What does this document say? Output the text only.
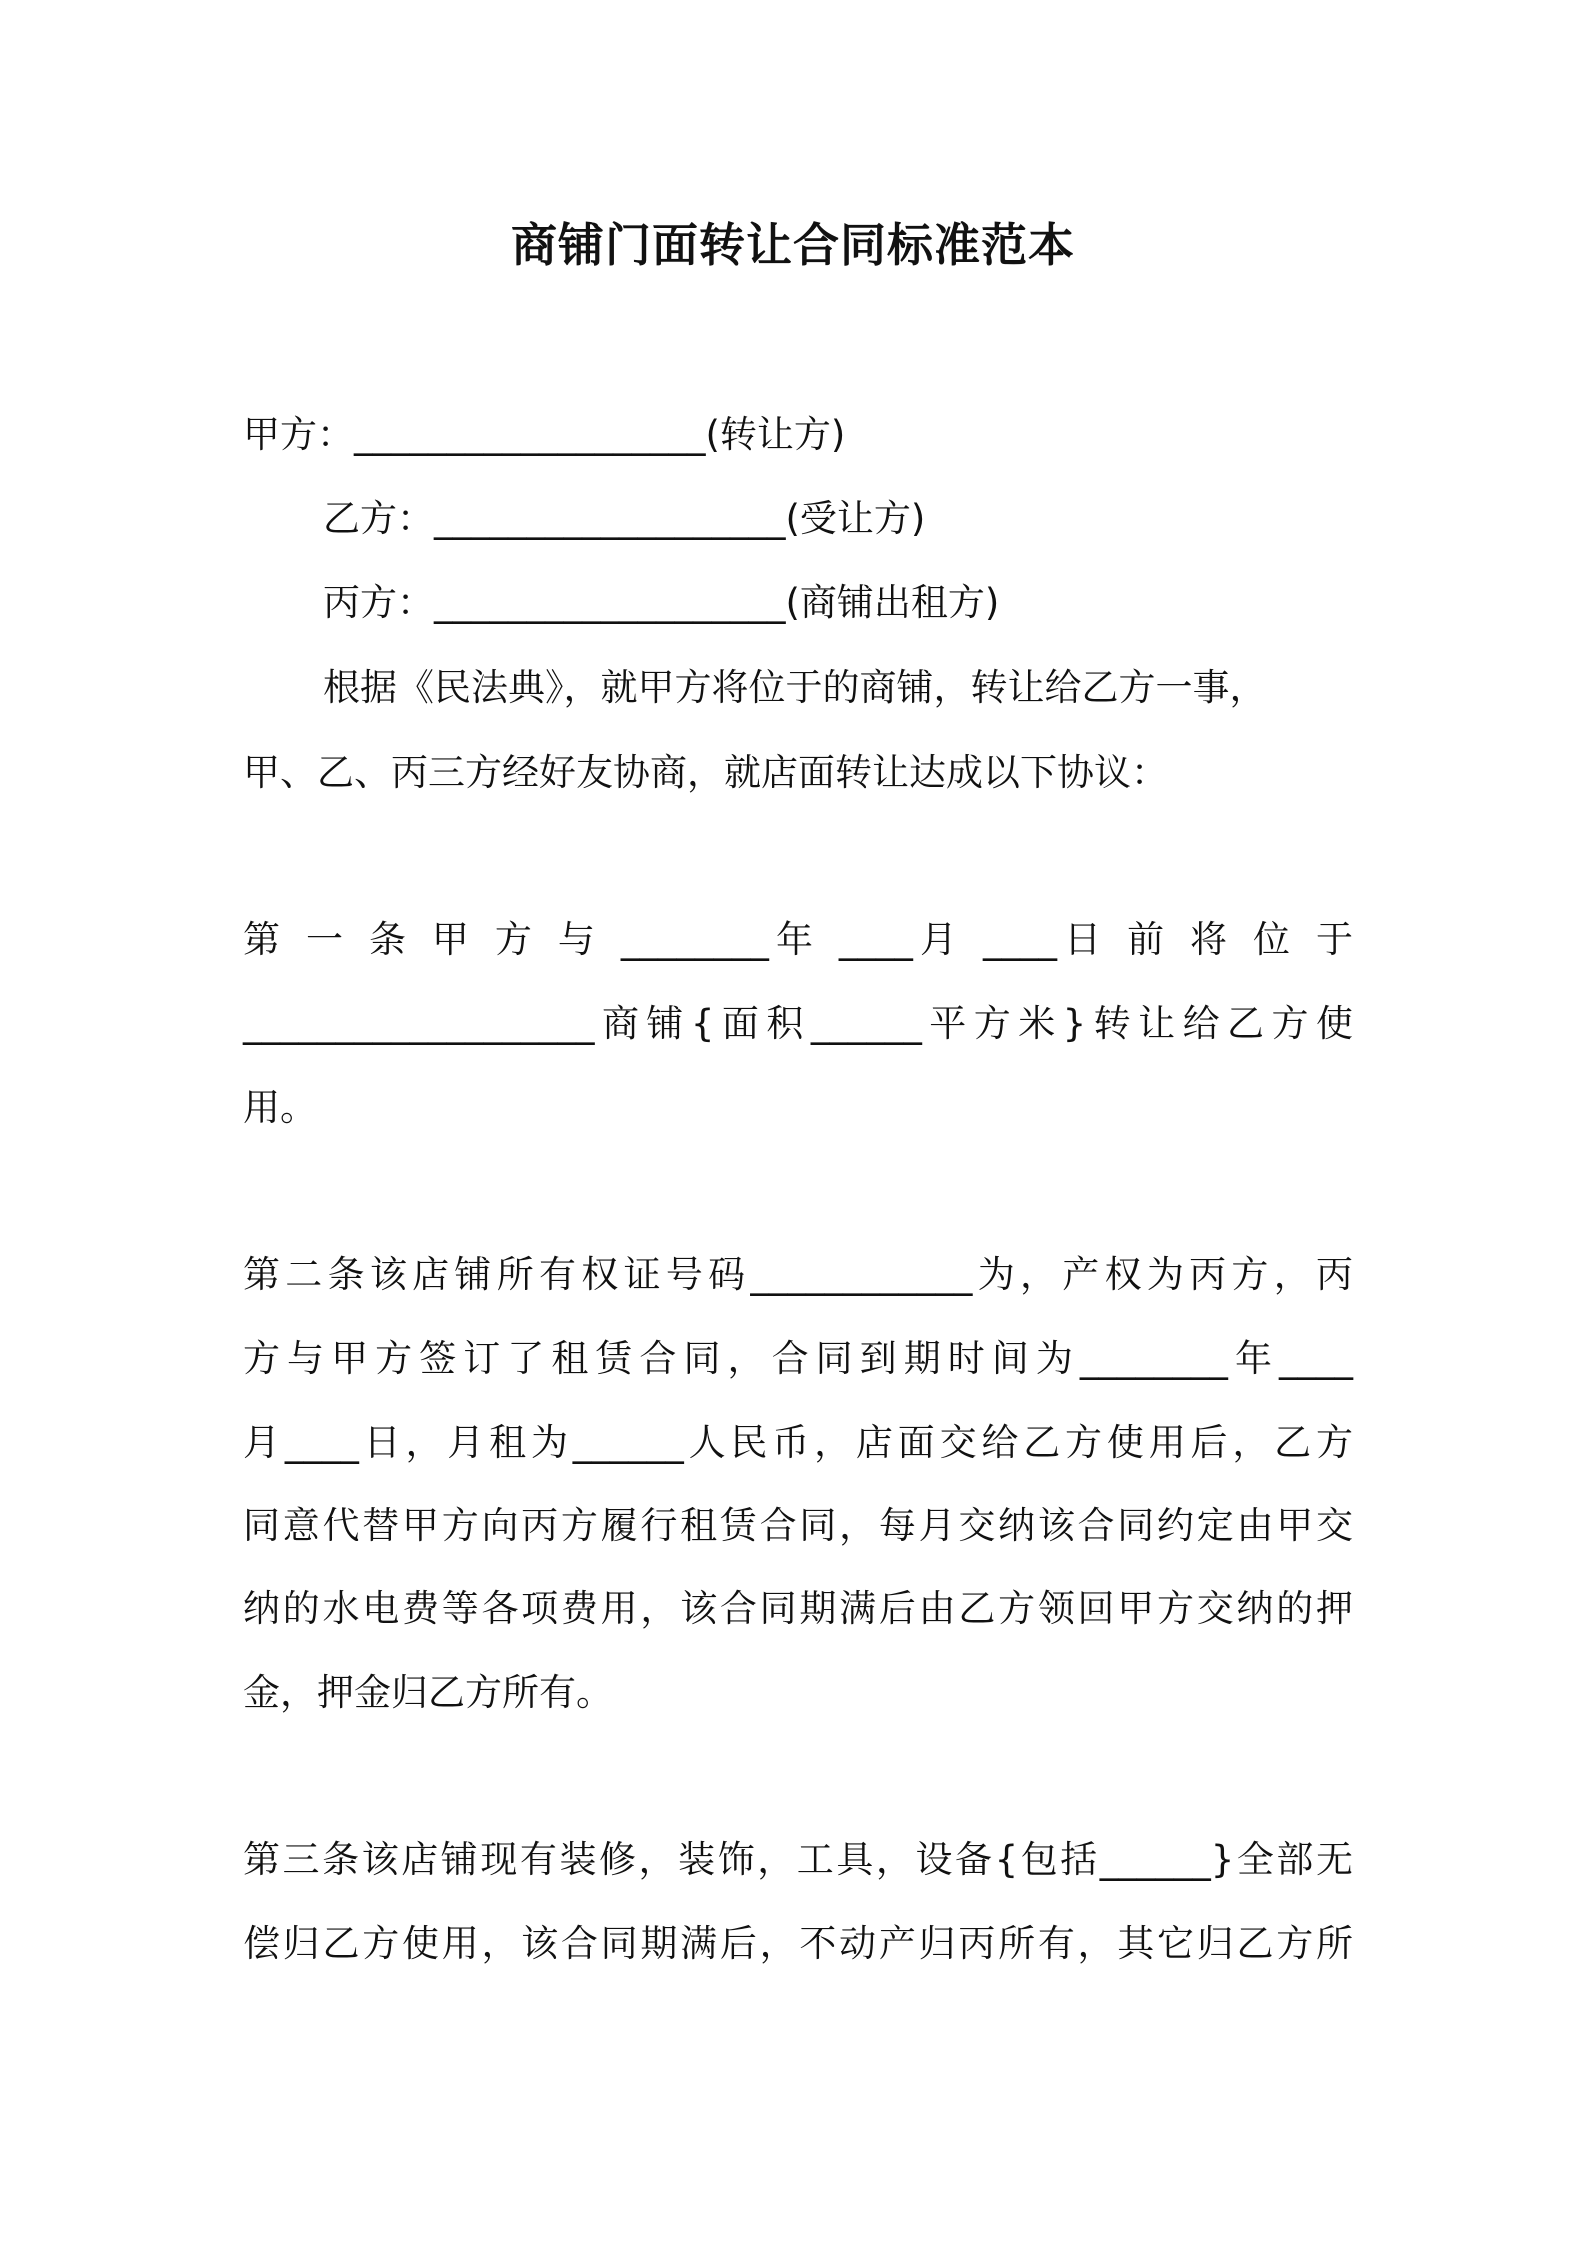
商铺门面转让合同标准范本
甲方：___________________(转让方)
乙方：___________________(受让方)
丙方：___________________(商铺出租方)
根据《民法典》，就甲方将位于的商铺，转让给乙方一事，
甲、乙、丙三方经好友协商，就店面转让达成以下协议：
第 一 条 甲 方 与 ________年 ____月 ____日 前 将 位 于
___________________商铺{面积______平方米}转让给乙方使
用。
第二条该店铺所有权证号码____________为，产权为丙方，丙
方与甲方签订了租赁合同，合同到期时间为________年____
月____日，月租为______人民币，店面交给乙方使用后，乙方
同意代替甲方向丙方履行租赁合同，每月交纳该合同约定由甲交
纳的水电费等各项费用，该合同期满后由乙方领回甲方交纳的押
金，押金归乙方所有。
第三条该店铺现有装修，装饰，工具，设备{包括______}全部无
偿归乙方使用，该合同期满后，不动产归丙所有，其它归乙方所
